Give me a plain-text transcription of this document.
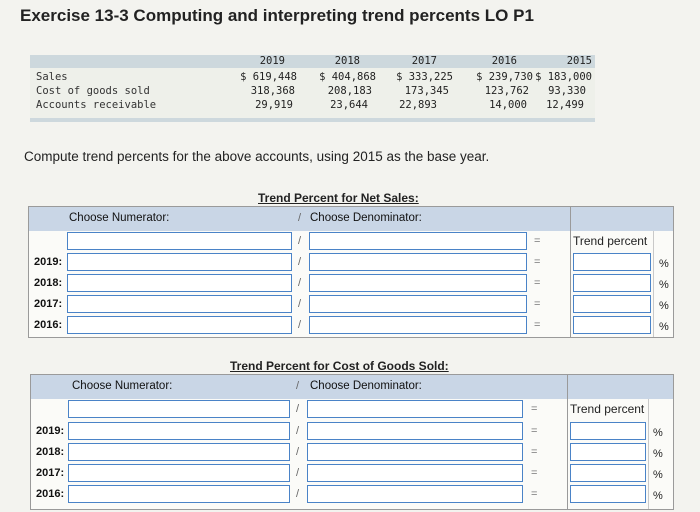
Exercise 13-3 Computing and interpreting trend percents LO P1
2019	2018	2017	2016	2015
Sales	$ 619,448	$ 404,868	$ 333,225	$ 239,730 $ 183,000
Cost of goods sold	318,368	208,183	173,345	123,762	93,330
Accounts receivable	29,919	23,644	22,893	14,000	12,499
Compute trend percents for the above accounts, using 2015 as the base year.
Trend Percent for Net Sales:
Choose Numerator:	/ Choose Denominator:
/	=	Trend percent
2019:	/	=	%
2018:	/	=	%
2017:	/	=	%
2016:	/	=	%
Trend Percent for Cost of Goods Sold:
Choose Numerator:	/ Choose Denominator:
/	=	Trend percent
2019:	/	=	%
2018:	/	=	%
2017:	/	=	%
2016:	/	=	%
